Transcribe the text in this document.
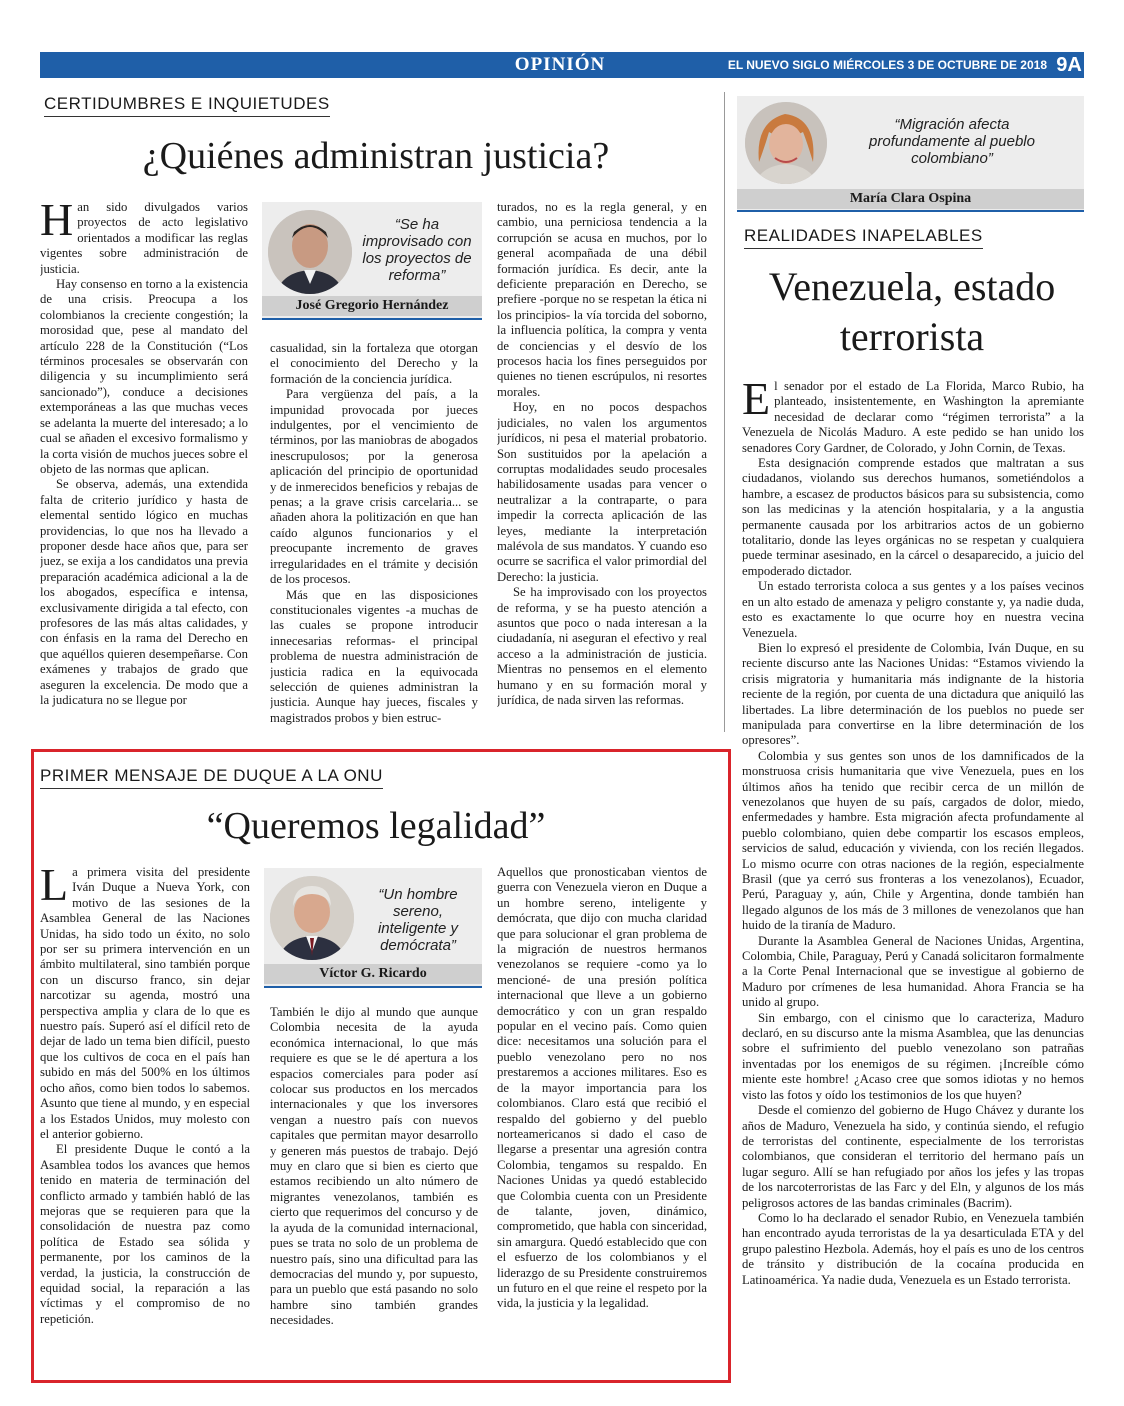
OPINIÓN	EL NUEVO SIGLO MIÉRCOLES 3 DE OCTUBRE DE 2018 9A
CERTIDUMBRES E INQUIETUDES
¿Quiénes administran justicia?

Han sido divulgados varios proyectos de acto legislativo orientados a modificar las reglas vigentes sobre administración de justicia.

Hay consenso en torno a la existencia de una crisis. Preocupa a los colombianos la creciente congestión; la morosidad que, pese al mandato del artículo 228 de la Constitución (“Los términos procesales se observarán con diligencia y su incumplimiento será sancionado”), conduce a decisiones extemporáneas a las que muchas veces se adelanta la muerte del interesado; a lo cual se añaden el excesivo formalismo y la corta visión de muchos jueces sobre el objeto de las normas que aplican.

Se observa, además, una extendida falta de criterio jurídico y hasta de elemental sentido lógico en muchas providencias, lo que nos ha llevado a proponer desde hace años que, para ser juez, se exija a los candidatos una previa preparación académica adicional a la de los abogados, específica e intensa, exclusivamente dirigida a tal efecto, con profesores de las más altas calidades, y con énfasis en la rama del Derecho en que aquéllos quieren desempeñarse. Con exámenes y trabajos de grado que aseguren la excelencia. De modo que a la judicatura no se llegue por

“Se ha improvisado con los proyectos de reforma”
José Gregorio Hernández

casualidad, sin la fortaleza que otorgan el conocimiento del Derecho y la formación de la conciencia jurídica.

Para vergüenza del país, a la impunidad provocada por jueces indulgentes, por el vencimiento de términos, por las maniobras de abogados inescrupulosos; por la generosa aplicación del principio de oportunidad y de inmerecidos beneficios y rebajas de penas; a la grave crisis carcelaria... se añaden ahora la politización en que han caído algunos funcionarios y el preocupante incremento de graves irregularidades en el trámite y decisión de los procesos.

Más que en las disposiciones constitucionales vigentes -a muchas de las cuales se propone introducir innecesarias reformas- el principal problema de nuestra administración de justicia radica en la equivocada selección de quienes administran la justicia. Aunque hay jueces, fiscales y magistrados probos y bien estruc-

turados, no es la regla general, y en cambio, una perniciosa tendencia a la corrupción se acusa en muchos, por lo general acompañada de una débil formación jurídica. Es decir, ante la deficiente preparación en Derecho, se prefiere -porque no se respetan la ética ni los principios- la vía torcida del soborno, la influencia política, la compra y venta de conciencias y el desvío de los procesos hacia los fines perseguidos por quienes no tienen escrúpulos, ni resortes morales.

Hoy, en no pocos despachos judiciales, no valen los argumentos jurídicos, ni pesa el material probatorio. Son sustituidos por la apelación a corruptas modalidades seudo procesales habilidosamente usadas para vencer o neutralizar a la contraparte, o para impedir la correcta aplicación de las leyes, mediante la interpretación malévola de sus mandatos. Y cuando eso ocurre se sacrifica el valor primordial del Derecho: la justicia.

Se ha improvisado con los proyectos de reforma, y se ha puesto atención a asuntos que poco o nada interesan a la ciudadanía, ni aseguran el efectivo y real acceso a la administración de justicia. Mientras no pensemos en el elemento humano y en su formación moral y jurídica, de nada sirven las reformas.

PRIMER MENSAJE DE DUQUE A LA ONU
“Queremos legalidad”

La primera visita del presidente Iván Duque a Nueva York, con motivo de las sesiones de la Asamblea General de las Naciones Unidas, ha sido todo un éxito, no solo por ser su primera intervención en un ámbito multilateral, sino también porque con un discurso franco, sin dejar narcotizar su agenda, mostró una perspectiva amplia y clara de lo que es nuestro país. Superó así el difícil reto de dejar de lado un tema bien difícil, puesto que los cultivos de coca en el país han subido en más del 500% en los últimos ocho años, como bien todos lo sabemos. Asunto que tiene al mundo, y en especial a los Estados Unidos, muy molesto con el anterior gobierno.

El presidente Duque le contó a la Asamblea todos los avances que hemos tenido en materia de terminación del conflicto armado y también habló de las mejoras que se requieren para que la consolidación de nuestra paz como política de Estado sea sólida y permanente, por los caminos de la verdad, la justicia, la construcción de equidad social, la reparación a las víctimas y el compromiso de no repetición.

“Un hombre sereno, inteligente y demócrata”
Víctor G. Ricardo

También le dijo al mundo que aunque Colombia necesita de la ayuda económica internacional, lo que más requiere es que se le dé apertura a los espacios comerciales para poder así colocar sus productos en los mercados internacionales y que los inversores vengan a nuestro país con nuevos capitales que permitan mayor desarrollo y generen más puestos de trabajo. Dejó muy en claro que si bien es cierto que estamos recibiendo un alto número de migrantes venezolanos, también es cierto que requerimos del concurso y de la ayuda de la comunidad internacional, pues se trata no solo de un problema de nuestro país, sino una dificultad para las democracias del mundo y, por supuesto, para un pueblo que está pasando no solo hambre sino también grandes necesidades.

Aquellos que pronosticaban vientos de guerra con Venezuela vieron en Duque a un hombre sereno, inteligente y demócrata, que dijo con mucha claridad que para solucionar el gran problema de la migración de nuestros hermanos venezolanos se requiere -como ya lo mencioné- de una presión política internacional que lleve a un gobierno democrático y con un gran respaldo popular en el vecino país. Como quien dice: necesitamos una solución para el pueblo venezolano pero no nos prestaremos a acciones militares. Eso es de la mayor importancia para los colombianos. Claro está que recibió el respaldo del gobierno y del pueblo norteamericanos si dado el caso de llegarse a presentar una agresión contra Colombia, tengamos su respaldo. En Naciones Unidas ya quedó establecido que Colombia cuenta con un Presidente de talante, joven, dinámico, comprometido, que habla con sinceridad, sin amargura. Quedó establecido que con el esfuerzo de los colombianos y el liderazgo de su Presidente construiremos un futuro en el que reine el respeto por la vida, la justicia y la legalidad.

“Migración afecta profundamente al pueblo colombiano”
María Clara Ospina
REALIDADES INAPELABLES
Venezuela, estado terrorista

El senador por el estado de La Florida, Marco Rubio, ha planteado, insistentemente, en Washington la apremiante necesidad de declarar como “régimen terrorista” a la Venezuela de Nicolás Maduro. A este pedido se han unido los senadores Cory Gardner, de Colorado, y John Cornin, de Texas.

Esta designación comprende estados que maltratan a sus ciudadanos, violando sus derechos humanos, sometiéndolos a hambre, a escasez de productos básicos para su subsistencia, como son las medicinas y la atención hospitalaria, y a la angustia permanente causada por los arbitrarios actos de un gobierno totalitario, donde las leyes orgánicas no se respetan y cualquiera puede terminar asesinado, en la cárcel o desaparecido, a juicio del empoderado dictador.

Un estado terrorista coloca a sus gentes y a los países vecinos en un alto estado de amenaza y peligro constante y, ya nadie duda, esto es exactamente lo que ocurre hoy en nuestra vecina Venezuela.

Bien lo expresó el presidente de Colombia, Iván Duque, en su reciente discurso ante las Naciones Unidas: “Estamos viviendo la crisis migratoria y humanitaria más indignante de la historia reciente de la región, por cuenta de una dictadura que aniquiló las libertades. La libre determinación de los pueblos no puede ser manipulada para convertirse en la libre determinación de los opresores”.

Colombia y sus gentes son unos de los damnificados de la monstruosa crisis humanitaria que vive Venezuela, pues en los últimos años ha tenido que recibir cerca de un millón de venezolanos que huyen de su país, cargados de dolor, miedo, enfermedades y hambre. Esta migración afecta profundamente al pueblo colombiano, quien debe compartir los escasos empleos, servicios de salud, educación y vivienda, con los recién llegados. Lo mismo ocurre con otras naciones de la región, especialmente Brasil (que ya cerró sus fronteras a los venezolanos), Ecuador, Perú, Paraguay y, aún, Chile y Argentina, donde también han llegado algunos de los más de 3 millones de venezolanos que han huido de la tiranía de Maduro.

Durante la Asamblea General de Naciones Unidas, Argentina, Colombia, Chile, Paraguay, Perú y Canadá solicitaron formalmente a la Corte Penal Internacional que se investigue al gobierno de Maduro por crímenes de lesa humanidad. Ahora Francia se ha unido al grupo.

Sin embargo, con el cinismo que lo caracteriza, Maduro declaró, en su discurso ante la misma Asamblea, que las denuncias sobre el sufrimiento del pueblo venezolano son patrañas inventadas por los enemigos de su régimen. ¡Increíble cómo miente este hombre! ¿Acaso cree que somos idiotas y no hemos visto las fotos y oído los testimonios de los que huyen?

Desde el comienzo del gobierno de Hugo Chávez y durante los años de Maduro, Venezuela ha sido, y continúa siendo, el refugio de terroristas del continente, especialmente de los terroristas colombianos, que consideran el territorio del hermano país un lugar seguro. Allí se han refugiado por años los jefes y las tropas de los narcoterroristas de las Farc y del Eln, y algunos de los más peligrosos actores de las bandas criminales (Bacrim).

Como lo ha declarado el senador Rubio, en Venezuela también han encontrado ayuda terroristas de la ya desarticulada ETA y del grupo palestino Hezbola. Además, hoy el país es uno de los centros de tránsito y distribución de la cocaína producida en Latinoamérica. Ya nadie duda, Venezuela es un Estado terrorista.
